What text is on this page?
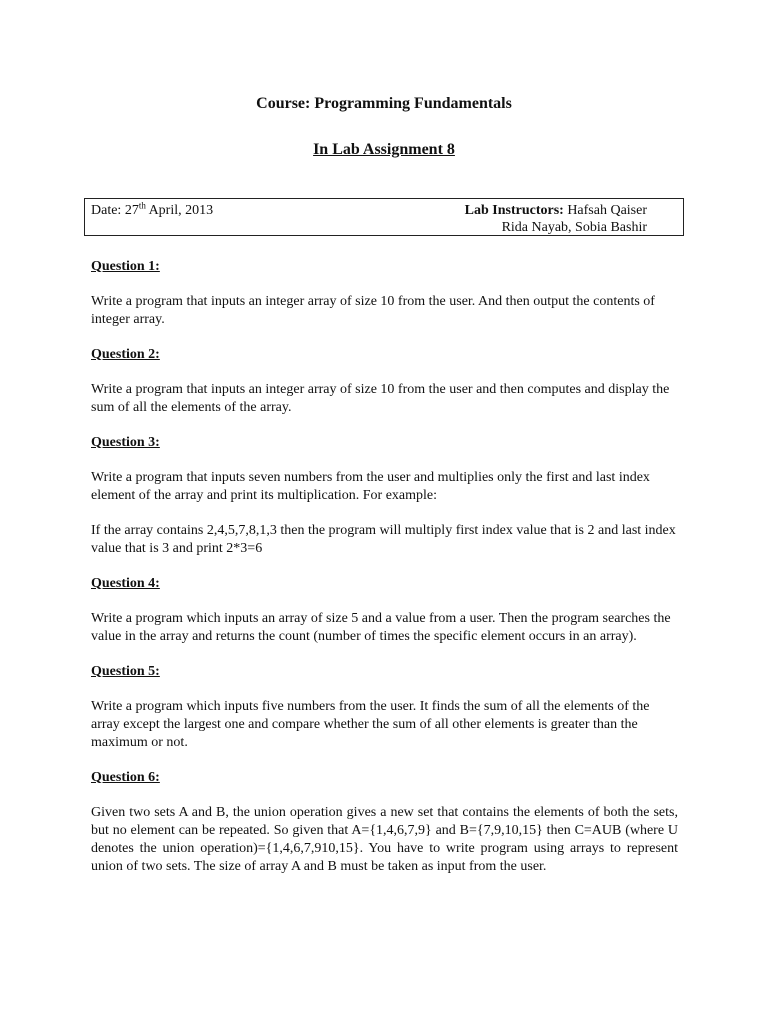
Course: Programming Fundamentals
In Lab Assignment 8
Date: 27th April, 2013	Lab Instructors: Hafsah Qaiser
Rida Nayab, Sobia Bashir
Question 1:

Write a program that inputs an integer array of size 10 from the user. And then output the contents of integer array.

Question 2:

Write a program that inputs an integer array of size 10 from the user and then computes and display the sum of all the elements of the array.

Question 3:

Write a program that inputs seven numbers from the user and multiplies only the first and last index element of the array and print its multiplication. For example:

If the array contains 2,4,5,7,8,1,3 then the program will multiply first index value that is 2 and last index value that is 3 and print 2*3=6

Question 4:

Write a program which inputs an array of size 5 and a value from a user. Then the program searches the value in the array and returns the count (number of times the specific element occurs in an array).

Question 5:

Write a program which inputs five numbers from the user. It finds the sum of all the elements of the array except the largest one and compare whether the sum of all other elements is greater than the maximum or not.

Question 6:

Given two sets A and B, the union operation gives a new set that contains the elements of both the sets, but no element can be repeated. So given that A={1,4,6,7,9} and B={7,9,10,15} then C=AUB (where U denotes the union operation)={1,4,6,7,910,15}. You have to write program using arrays to represent union of two sets. The size of array A and B must be taken as input from the user.
